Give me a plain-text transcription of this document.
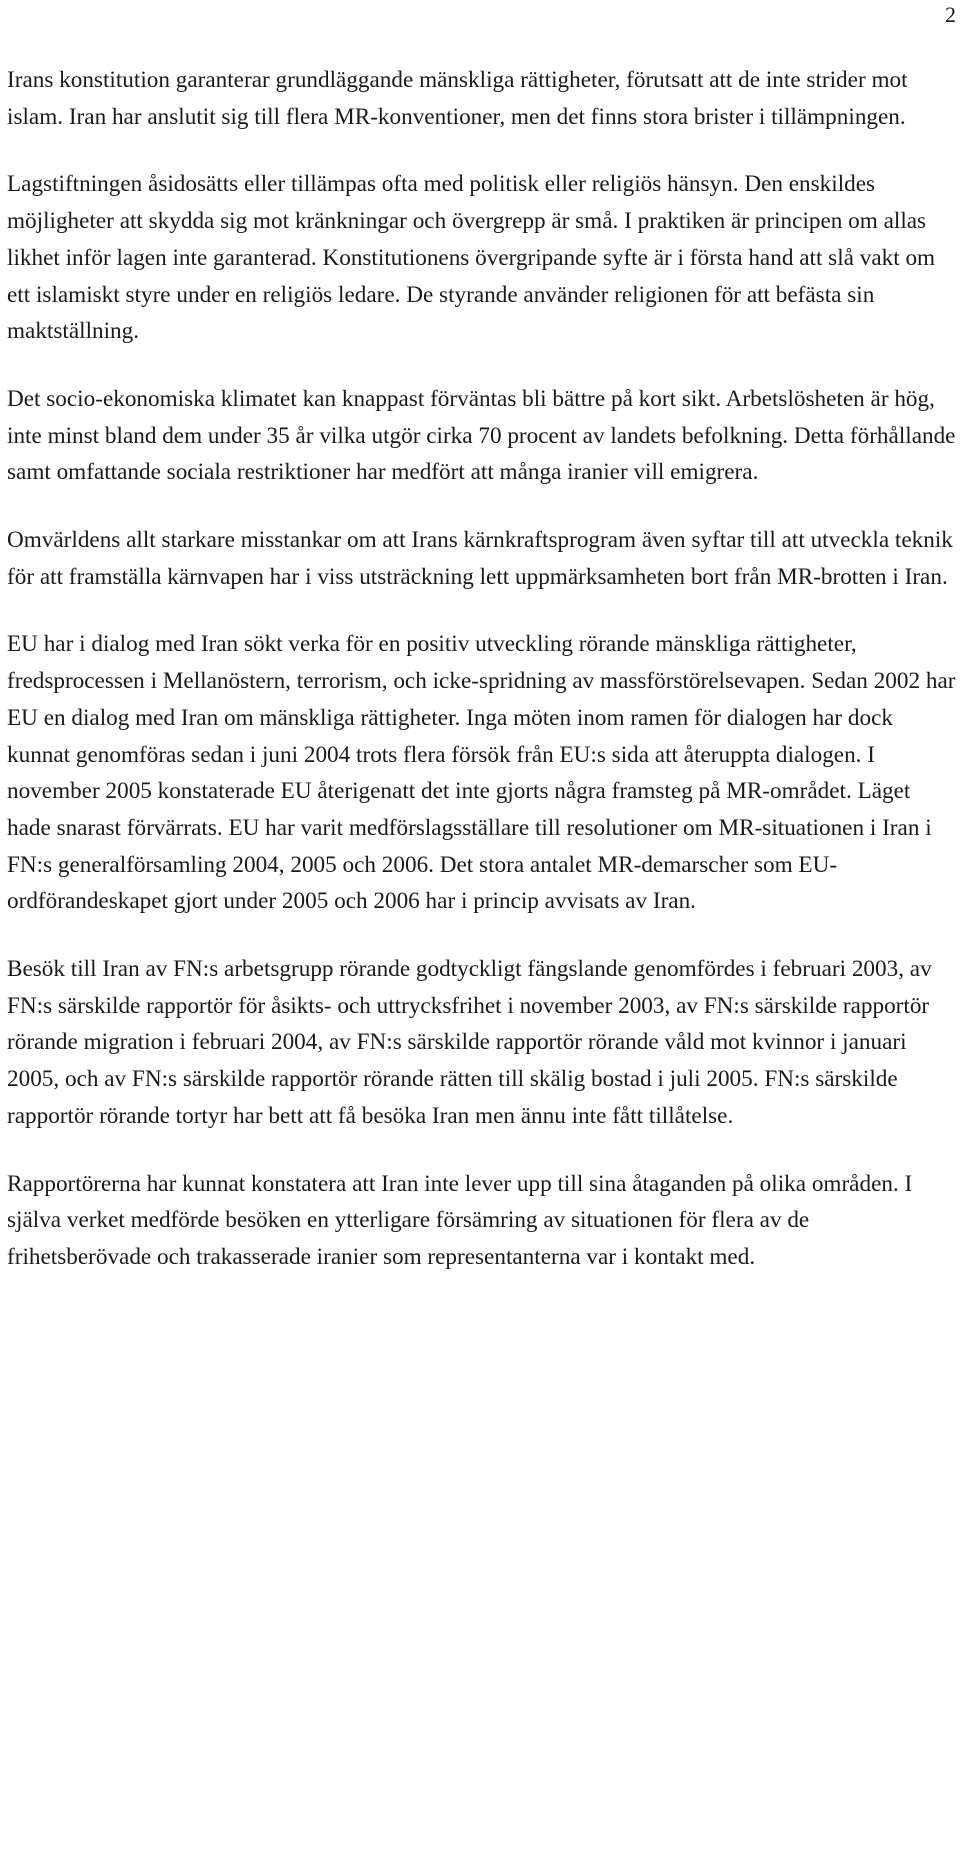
2

Irans konstitution garanterar grundläggande mänskliga rättigheter, förutsatt att de inte strider mot islam. Iran har anslutit sig till flera MR-konventioner, men det finns stora brister i tillämpningen.

Lagstiftningen åsidosätts eller tillämpas ofta med politisk eller religiös hänsyn. Den enskildes möjligheter att skydda sig mot kränkningar och övergrepp är små. I praktiken är principen om allas likhet inför lagen inte garanterad. Konstitutionens övergripande syfte är i första hand att slå vakt om ett islamiskt styre under en religiös ledare. De styrande använder religionen för att befästa sin maktställning.

Det socio-ekonomiska klimatet kan knappast förväntas bli bättre på kort sikt. Arbetslösheten är hög, inte minst bland dem under 35 år vilka utgör cirka 70 procent av landets befolkning. Detta förhållande samt omfattande sociala restriktioner har medfört att många iranier vill emigrera.

Omvärldens allt starkare misstankar om att Irans kärnkraftsprogram även syftar till att utveckla teknik för att framställa kärnvapen har i viss utsträckning lett uppmärksamheten bort från MR-brotten i Iran.

EU har i dialog med Iran sökt verka för en positiv utveckling rörande mänskliga rättigheter, fredsprocessen i Mellanöstern, terrorism, och icke-spridning av massförstörelsevapen. Sedan 2002 har EU en dialog med Iran om mänskliga rättigheter. Inga möten inom ramen för dialogen har dock kunnat genomföras sedan i juni 2004 trots flera försök från EU:s sida att återuppta dialogen. I november 2005 konstaterade EU återigenatt det inte gjorts några framsteg på MR-området. Läget hade snarast förvärrats. EU har varit medförslagsställare till resolutioner om MR-situationen i Iran i FN:s generalförsamling 2004, 2005 och 2006. Det stora antalet MR-demarscher som EU-ordförandeskapet gjort under 2005 och 2006 har i princip avvisats av Iran.

Besök till Iran av FN:s arbetsgrupp rörande godtyckligt fängslande genomfördes i februari 2003, av FN:s särskilde rapportör för åsikts- och uttrycksfrihet i november 2003, av FN:s särskilde rapportör rörande migration i februari 2004, av FN:s särskilde rapportör rörande våld mot kvinnor i januari 2005, och av FN:s särskilde rapportör rörande rätten till skälig bostad i juli 2005. FN:s särskilde rapportör rörande tortyr har bett att få besöka Iran men ännu inte fått tillåtelse.

Rapportörerna har kunnat konstatera att Iran inte lever upp till sina åtaganden på olika områden. I själva verket medförde besöken en ytterligare försämring av situationen för flera av de frihetsberövade och trakasserade iranier som representanterna var i kontakt med.
